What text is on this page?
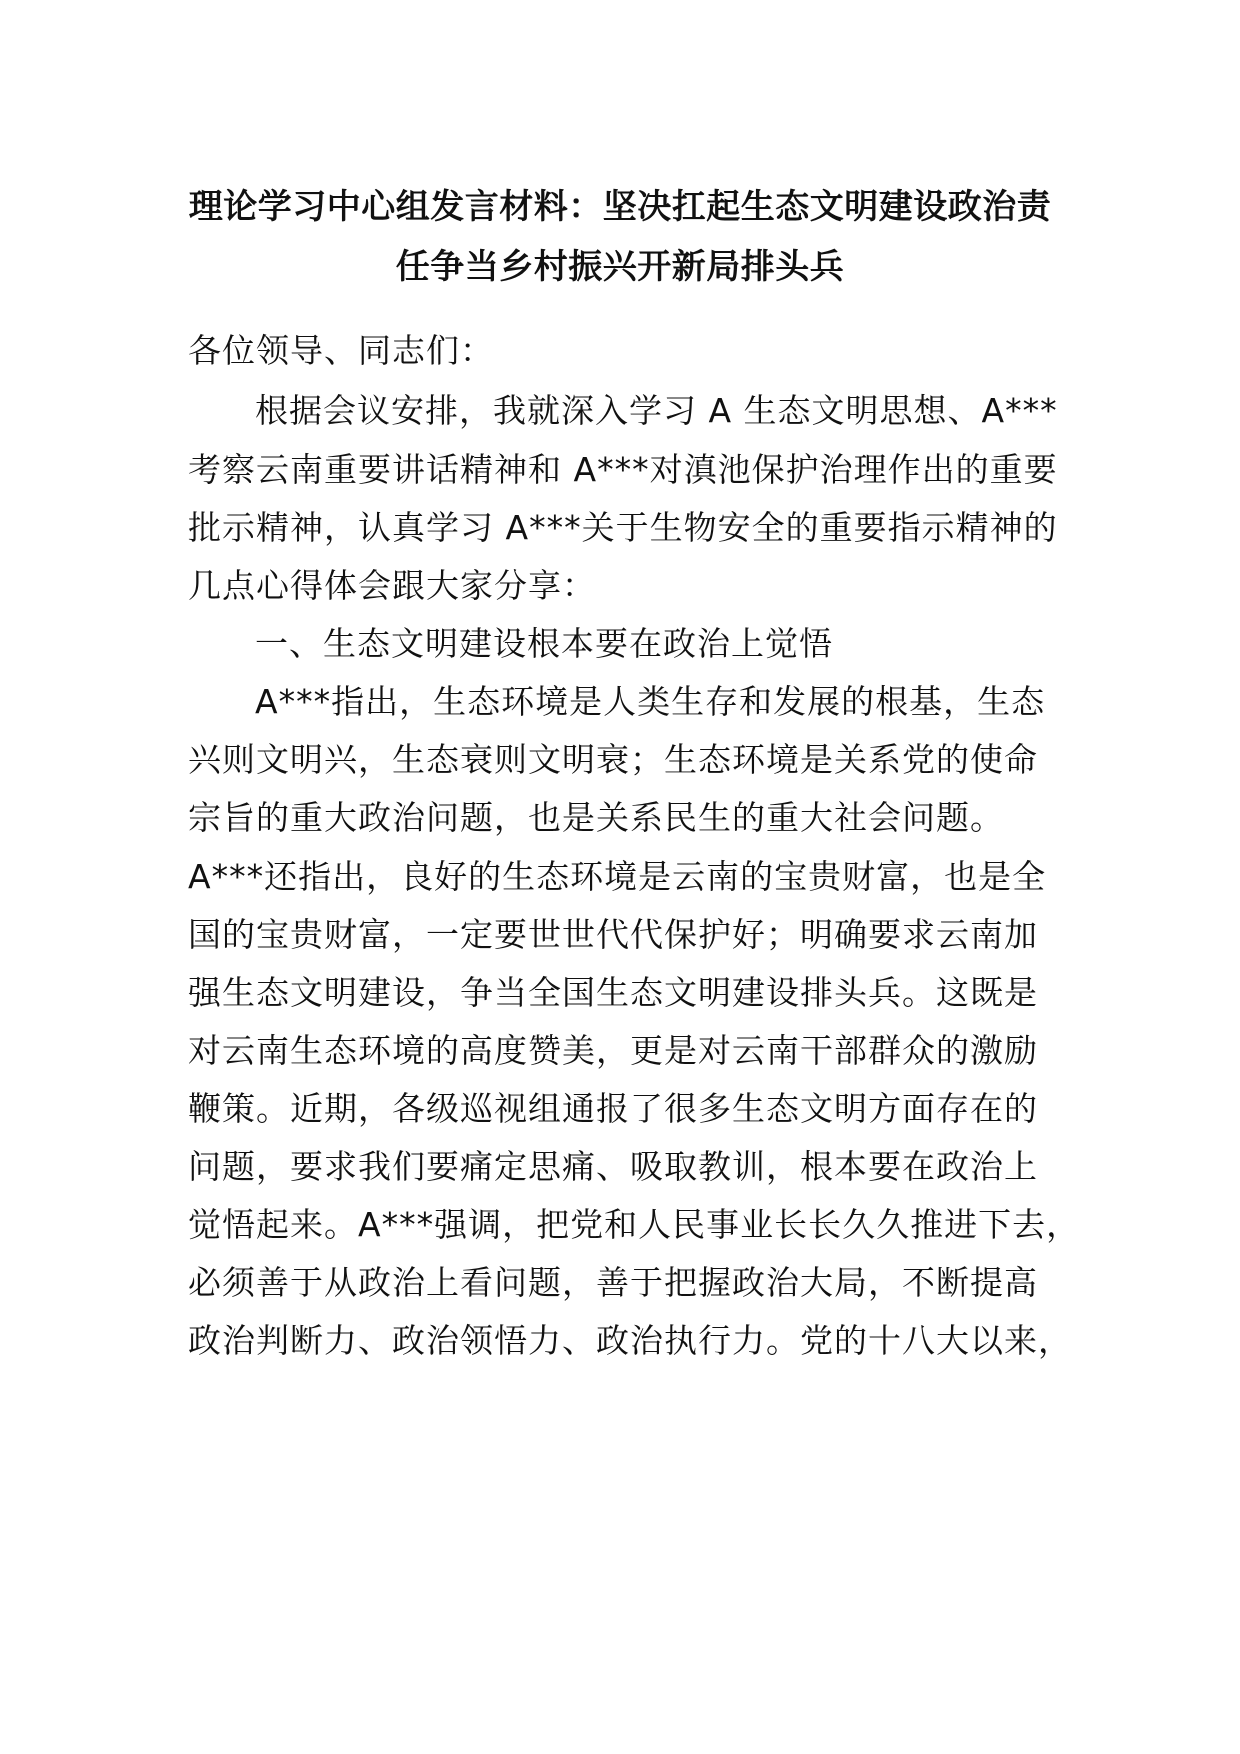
理论学习中心组发言材料：坚决扛起生态文明建设政治责
任争当乡村振兴开新局排头兵
各位领导、同志们：
根据会议安排，我就深入学习 A 生态文明思想、A***
考察云南重要讲话精神和 A***对滇池保护治理作出的重要
批示精神，认真学习 A***关于生物安全的重要指示精神的
几点心得体会跟大家分享：
一、生态文明建设根本要在政治上觉悟
A***指出，生态环境是人类生存和发展的根基，生态
兴则文明兴，生态衰则文明衰；生态环境是关系党的使命
宗旨的重大政治问题，也是关系民生的重大社会问题。
A***还指出，良好的生态环境是云南的宝贵财富，也是全
国的宝贵财富，一定要世世代代保护好；明确要求云南加
强生态文明建设，争当全国生态文明建设排头兵。这既是
对云南生态环境的高度赞美，更是对云南干部群众的激励
鞭策。近期，各级巡视组通报了很多生态文明方面存在的
问题，要求我们要痛定思痛、吸取教训，根本要在政治上
觉悟起来。A***强调，把党和人民事业长长久久推进下去，
必须善于从政治上看问题，善于把握政治大局，不断提高
政治判断力、政治领悟力、政治执行力。党的十八大以来，
